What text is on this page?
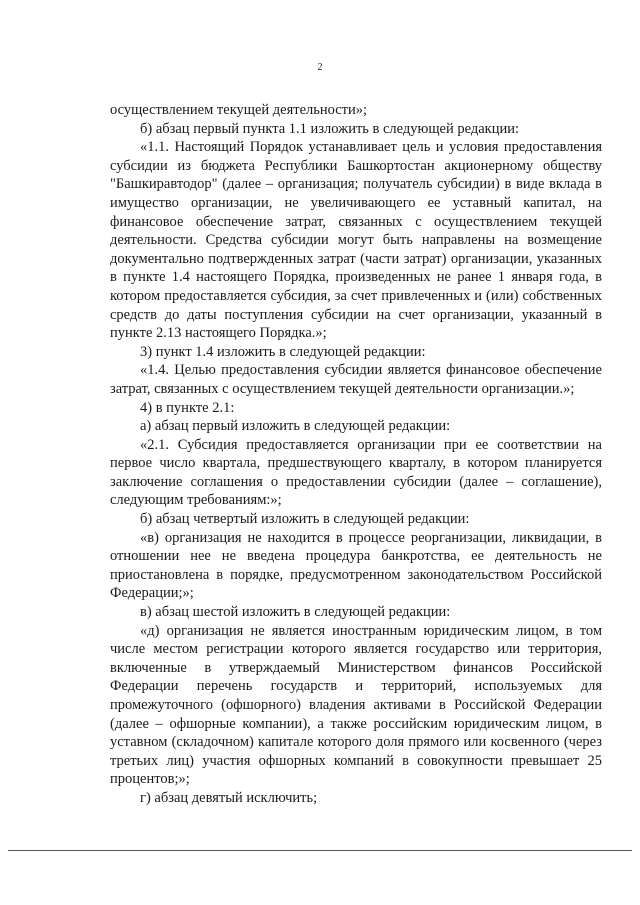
2

осуществлением текущей деятельности»;

б) абзац первый пункта 1.1 изложить в следующей редакции:

«1.1. Настоящий Порядок устанавливает цель и условия предоставления субсидии из бюджета Республики Башкортостан акционерному обществу "Башкиравтодор" (далее – организация; получатель субсидии) в виде вклада в имущество организации, не увеличивающего ее уставный капитал, на финансовое обеспечение затрат, связанных с осуществлением текущей деятельности. Средства субсидии могут быть направлены на возмещение документально подтвержденных затрат (части затрат) организации, указанных в пункте 1.4 настоящего Порядка, произведенных не ранее 1 января года, в котором предоставляется субсидия, за счет привлеченных и (или) собственных средств до даты поступления субсидии на счет организации, указанный в пункте 2.13 настоящего Порядка.»;

3) пункт 1.4 изложить в следующей редакции:

«1.4. Целью предоставления субсидии является финансовое обеспечение затрат, связанных с осуществлением текущей деятельности организации.»;

4) в пункте 2.1:

а) абзац первый изложить в следующей редакции:

«2.1. Субсидия предоставляется организации при ее соответствии на первое число квартала, предшествующего кварталу, в котором планируется заключение соглашения о предоставлении субсидии (далее – соглашение), следующим требованиям:»;

б) абзац четвертый изложить в следующей редакции:

«в) организация не находится в процессе реорганизации, ликвидации, в отношении нее не введена процедура банкротства, ее деятельность не приостановлена в порядке, предусмотренном законодательством Российской Федерации;»;

в) абзац шестой изложить в следующей редакции:

«д) организация не является иностранным юридическим лицом, в том числе местом регистрации которого является государство или территория, включенные в утверждаемый Министерством финансов Российской Федерации перечень государств и территорий, используемых для промежуточного (офшорного) владения активами в Российской Федерации (далее – офшорные компании), а также российским юридическим лицом, в уставном (складочном) капитале которого доля прямого или косвенного (через третьих лиц) участия офшорных компаний в совокупности превышает 25 процентов;»;

г) абзац девятый исключить;
